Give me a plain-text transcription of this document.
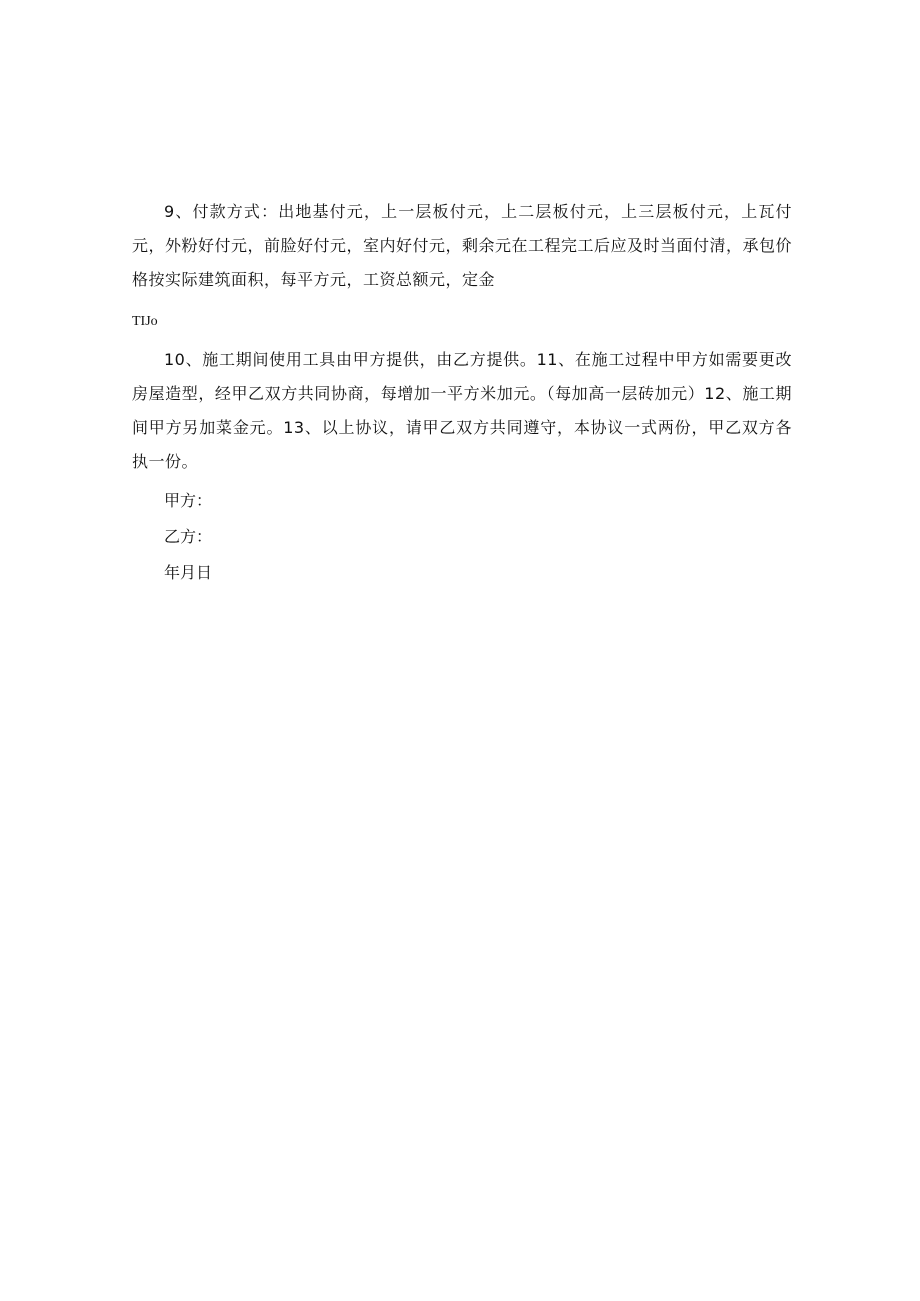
9、付款方式：出地基付元，上一层板付元，上二层板付元，上三层板付元，上瓦付元，外粉好付元，前脸好付元，室内好付元，剩余元在工程完工后应及时当面付清，承包价格按实际建筑面积，每平方元，工资总额元，定金

TIJo

10、施工期间使用工具由甲方提供，由乙方提供。11、在施工过程中甲方如需要更改房屋造型，经甲乙双方共同协商，每增加一平方米加元。（每加高一层砖加元）12、施工期间甲方另加菜金元。13、以上协议，请甲乙双方共同遵守，本协议一式两份，甲乙双方各执一份。

甲方：

乙方：

年月日
